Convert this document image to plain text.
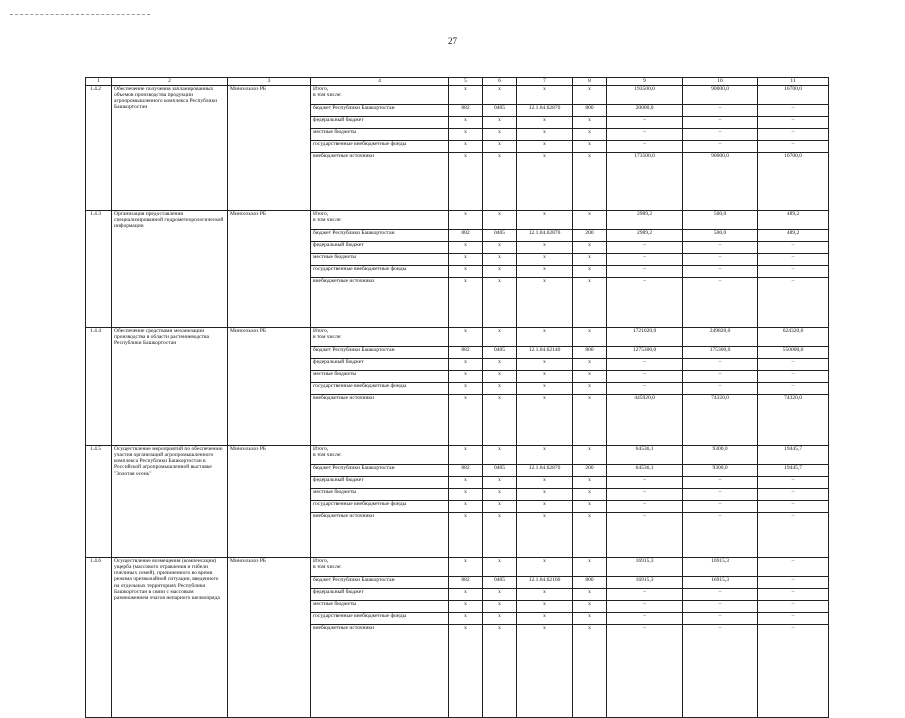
27
1	2	3	4	5	6	7	8	9	10	11
1.4.2	Обеспечение получения запланированных объемов производства продукции агропромышленного комплекса Республики Башкортостан	Минсельхоз РБ	Итого,
в том числе:	х	х	х	х	193500,0	90000,0	16700,0

			бюджет Республики Башкортостан	882	0405	12.1.04.62870	800	20000,0	–	–

			федеральный бюджет	х	х	х	х	–	–	–

			местные бюджеты	х	х	х	х	–	–	–

			государственные внебюджетные фонды	х	х	х	х	–	–	–

			внебюджетные источники	х	х	х	х	173500,0	90000,0	16700,0
1.4.3	Организация предоставления специализированной гидрометеорологической информации	Минсельхоз РБ	Итого,
в том числе:	х	х	х	х	2989,2	500,0	489,2

			бюджет Республики Башкортостан	882	0405	12.1.04.62870	200	2989,2	500,0	489,2

			федеральный бюджет	х	х	х	х	–	–	–

			местные бюджеты	х	х	х	х	–	–	–

			государственные внебюджетные фонды	х	х	х	х	–	–	–

			внебюджетные источники	х	х	х	х	–	–	–
1.4.4	Обеспечение средствами механизации производства в области растениеводства Республики Башкортостан	Минсельхоз РБ	Итого,
в том числе:	х	х	х	х	1721020,0	249820,0	624320,0

			бюджет Республики Башкортостан	882	0405	12.1.04.62140	800	1275300,0	175300,0	550000,0

			федеральный бюджет	х	х	х	х	–	–	–

			местные бюджеты	х	х	х	х	–	–	–

			государственные внебюджетные фонды	х	х	х	х	–	–	–

			внебюджетные источники	х	х	х	х	445920,0	74320,0	74320,0
1.4.5	Осуществление мероприятий по обеспечению участия организаций агропромышленного комплекса Республики Башкортостан в Российской агропромышленной выставке "Золотая осень"	Минсельхоз РБ	Итого,
в том числе:	х	х	х	х	64536,1	9300,0	19445,7

			бюджет Республики Башкортостан	882	0405	12.1.04.62870	200	64536,1	9300,0	19445,7

			федеральный бюджет	х	х	х	х	–	–	–

			местные бюджеты	х	х	х	х	–	–	–

			государственные внебюджетные фонды	х	х	х	х	–	–	–

			внебюджетные источники	х	х	х	х	–	–	–
1.4.6	Осуществление возмещения (компенсации) ущерба (массового отравления и гибели пчелиных семей), причиненного во время режима чрезвычайной ситуации, введенного на отдельных территориях Республики Башкортостан в связи с массовым размножением очагов непарного шелкопряда	Минсельхоз РБ	Итого,
в том числе:	х	х	х	х	16915,3	16915,3	–

			бюджет Республики Башкортостан	882	0405	12.1.04.62160	800	16915,3	16915,3	–

			федеральный бюджет	х	х	х	х	–	–	–

			местные бюджеты	х	х	х	х	–	–	–

			государственные внебюджетные фонды	х	х	х	х	–	–	–

			внебюджетные источники	х	х	х	х	–	–	–
